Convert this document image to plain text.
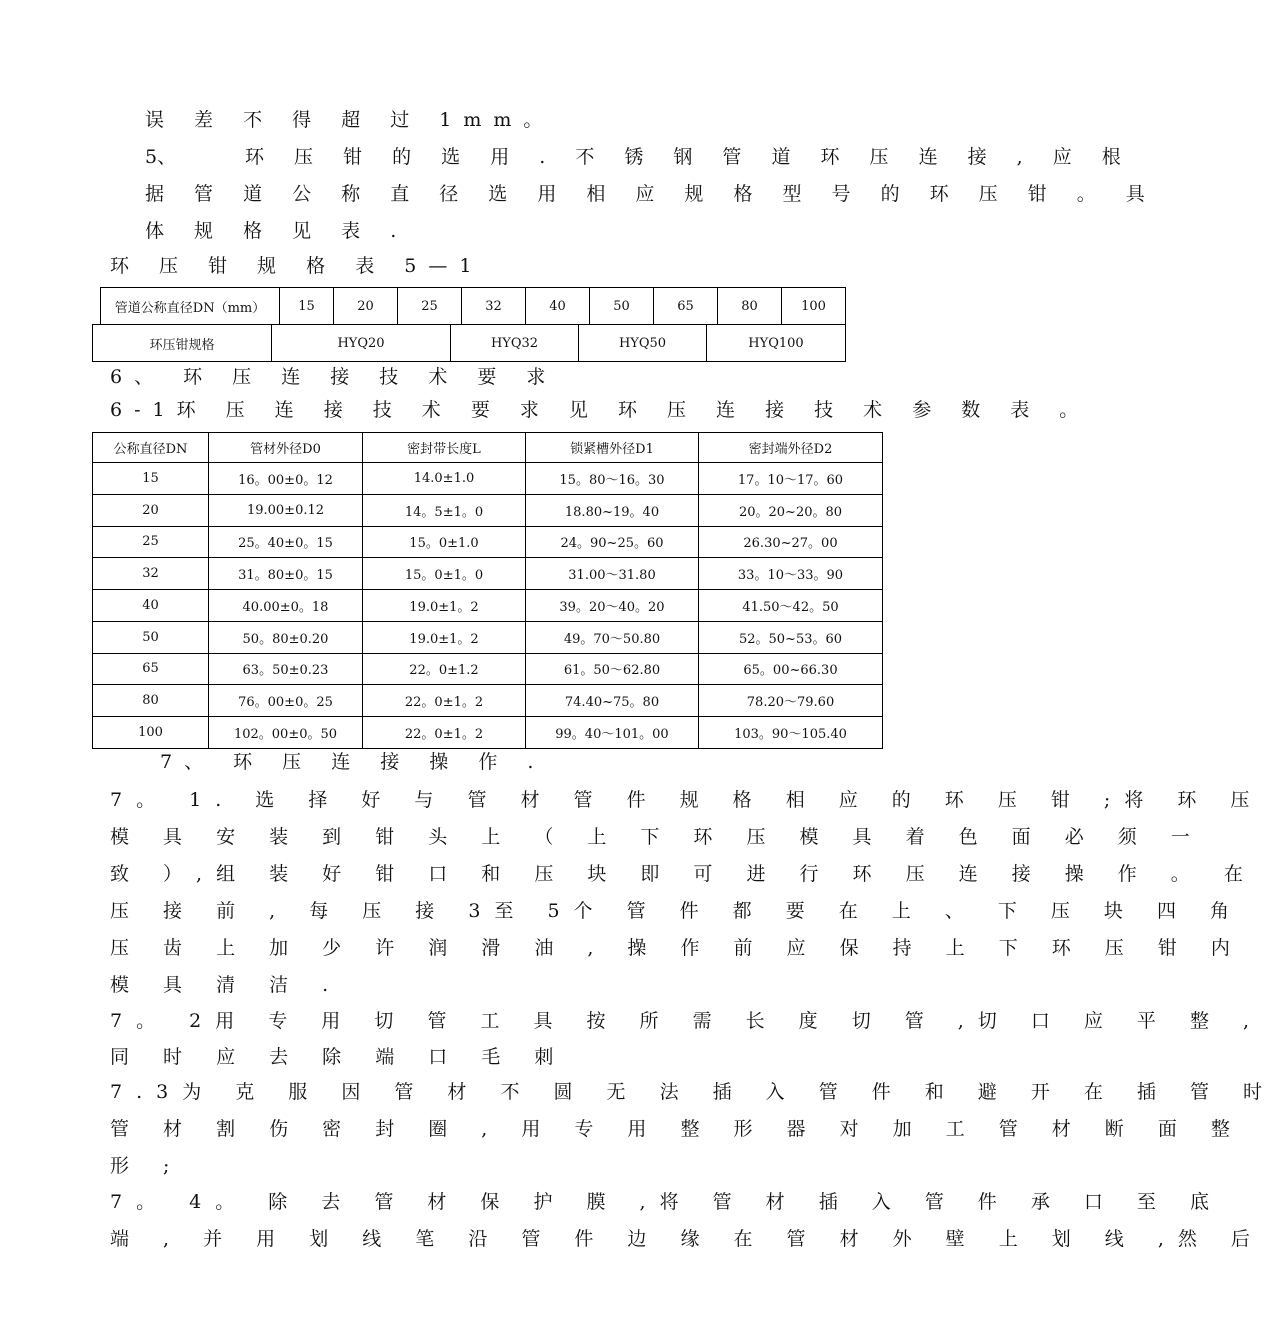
误 差 不 得 超 过 1mm。
5、	环 压 钳 的 选 用 . 不 锈 钢 管 道 环 压 连 接 , 应 根
据 管 道 公 称 直 径 选 用 相 应 规 格 型 号 的 环 压 钳 。 具
体 规 格 见 表 .
环 压 钳 规 格 表 5—1
管道公称直径DN（mm）	15	20	25	32	40	50	65	80	100
环压钳规格	HYQ20	HYQ32	HYQ50	HYQ100
6、 环 压 连 接 技 术 要 求
6-1环 压 连 接 技 术 要 求 见 环 压 连 接 技 术 参 数 表 。
公称直径DN	管材外径D0	密封带长度L	锁紧槽外径D1	密封端外径D2
15	16。00±0。12	14.0±1.0	15。80～16。30	17。10～17。60
20	19.00±0.12	14。5±1。0	18.80~19。40	20。20~20。80
25	25。40±0。15	15。0±1.0	24。90~25。60	26.30~27。00
32	31。80±0。15	15。0±1。0	31.00～31.80	33。10～33。90
40	40.00±0。18	19.0±1。2	39。20～40。20	41.50～42。50
50	50。80±0.20	19.0±1。2	49。70～50.80	52。50~53。60
65	63。50±0.23	22。0±1.2	61。50～62.80	65。00~66.30
80	76。00±0。25	22。0±1。2	74.40~75。80	78.20～79.60
100	102。00±0。50	22。0±1。2	99。40～101。00	103。90～105.40
7、 环 压 连 接 操 作 .
7。 1. 选 择 好 与 管 材 管 件 规 格 相 应 的 环 压 钳 ;将 环 压
模 具 安 装 到 钳 头 上 （ 上 下 环 压 模 具 着 色 面 必 须 一
致 ）,组 装 好 钳 口 和 压 块 即 可 进 行 环 压 连 接 操 作 。 在
压 接 前 , 每 压 接 3至 5个 管 件 都 要 在 上 、 下 压 块 四 角
压 齿 上 加 少 许 润 滑 油 , 操 作 前 应 保 持 上 下 环 压 钳 内
模 具 清 洁 .
7。 2用 专 用 切 管 工 具 按 所 需 长 度 切 管 ,切 口 应 平 整 ,
同 时 应 去 除 端 口 毛 刺
7.3为 克 服 因 管 材 不 圆 无 法 插 入 管 件 和 避 开 在 插 管 时
管 材 割 伤 密 封 圈 , 用 专 用 整 形 器 对 加 工 管 材 断 面 整
形 ;
7。 4。 除 去 管 材 保 护 膜 ,将 管 材 插 入 管 件 承 口 至 底
端 , 并 用 划 线 笔 沿 管 件 边 缘 在 管 材 外 壁 上 划 线 ,然 后
